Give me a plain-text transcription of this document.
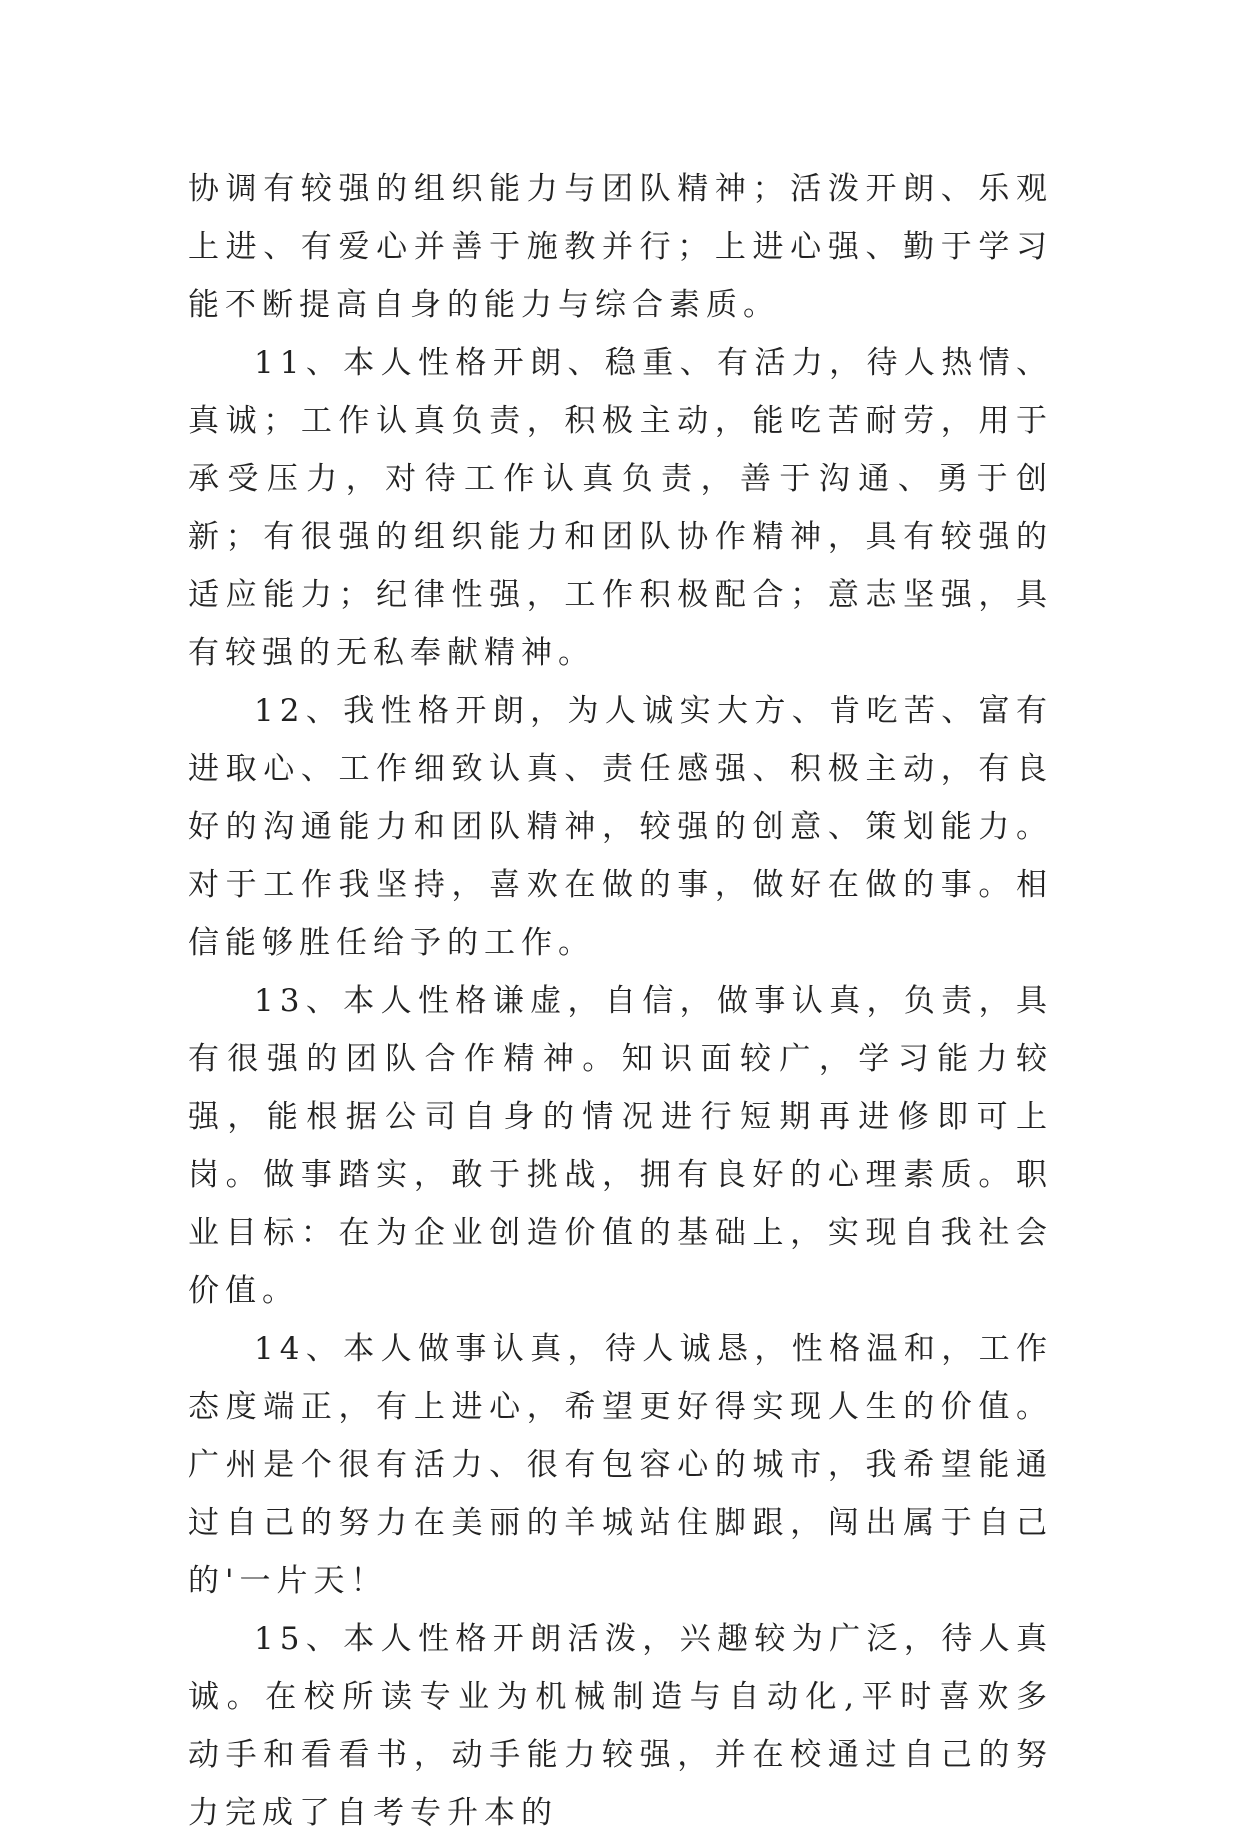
协调有较强的组织能力与团队精神；活泼开朗、乐观上进、有爱心并善于施教并行；上进心强、勤于学习能不断提高自身的能力与综合素质。

11、本人性格开朗、稳重、有活力，待人热情、真诚；工作认真负责，积极主动，能吃苦耐劳，用于承受压力，对待工作认真负责，善于沟通、勇于创新；有很强的组织能力和团队协作精神，具有较强的适应能力；纪律性强，工作积极配合；意志坚强，具有较强的无私奉献精神。

12、我性格开朗，为人诚实大方、肯吃苦、富有进取心、工作细致认真、责任感强、积极主动，有良好的沟通能力和团队精神，较强的创意、策划能力。对于工作我坚持，喜欢在做的事，做好在做的事。相信能够胜任给予的工作。

13、本人性格谦虚，自信，做事认真，负责，具有很强的团队合作精神。知识面较广，学习能力较强，能根据公司自身的情况进行短期再进修即可上岗。做事踏实，敢于挑战，拥有良好的心理素质。职业目标：在为企业创造价值的基础上，实现自我社会价值。

14、本人做事认真，待人诚恳，性格温和，工作态度端正，有上进心，希望更好得实现人生的价值。广州是个很有活力、很有包容心的城市，我希望能通过自己的努力在美丽的羊城站住脚跟，闯出属于自己的'一片天！

15、本人性格开朗活泼，兴趣较为广泛，待人真诚。在校所读专业为机械制造与自动化,平时喜欢多动手和看看书，动手能力较强，并在校通过自己的努力完成了自考专升本的
